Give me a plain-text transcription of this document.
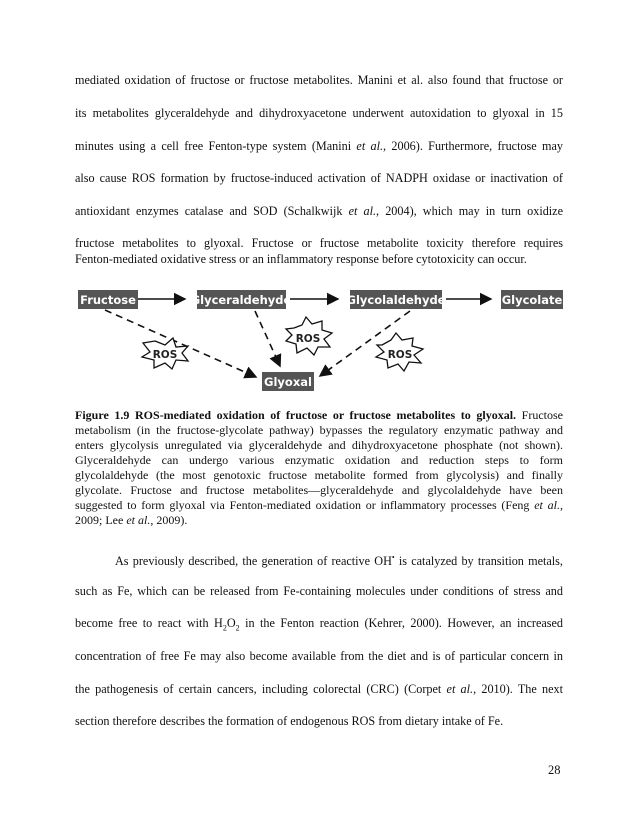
mediated oxidation of fructose or fructose metabolites. Manini et al. also found that fructose or
its metabolites glyceraldehyde and dihydroxyacetone underwent autoxidation to glyoxal in 15
minutes using a cell free Fenton-type system (Manini et al., 2006). Furthermore, fructose may
also cause ROS formation by fructose-induced activation of NADPH oxidase or inactivation of
antioxidant enzymes catalase and SOD (Schalkwijk et al., 2004), which may in turn oxidize
fructose metabolites to glyoxal. Fructose or fructose metabolite toxicity therefore requires
Fenton-mediated oxidative stress or an inflammatory response before cytotoxicity can occur.
Fructose	Glyceraldehyde	Glycolaldehyde	Glycolate
Glyoxal
ROS
ROS
ROS
Figure 1.9 ROS-mediated oxidation of fructose or fructose metabolites to glyoxal. Fructose
metabolism (in the fructose-glycolate pathway) bypasses the regulatory enzymatic pathway and
enters glycolysis unregulated via glyceraldehyde and dihydroxyacetone phosphate (not shown).
Glyceraldehyde can undergo various enzymatic oxidation and reduction steps to form
glycolaldehyde (the most genotoxic fructose metabolite formed from glycolysis) and finally
glycolate. Fructose and fructose metabolites—glyceraldehyde and glycolaldehyde have been
suggested to form glyoxal via Fenton-mediated oxidation or inflammatory processes (Feng et al.,
2009; Lee et al., 2009).
As previously described, the generation of reactive OH• is catalyzed by transition metals,
such as Fe, which can be released from Fe-containing molecules under conditions of stress and
become free to react with $H_2O_2$ in the Fenton reaction (Kehrer, 2000). However, an increased
concentration of free Fe may also become available from the diet and is of particular concern in
the pathogenesis of certain cancers, including colorectal (CRC) (Corpet et al., 2010). The next
section therefore describes the formation of endogenous ROS from dietary intake of Fe.
28
